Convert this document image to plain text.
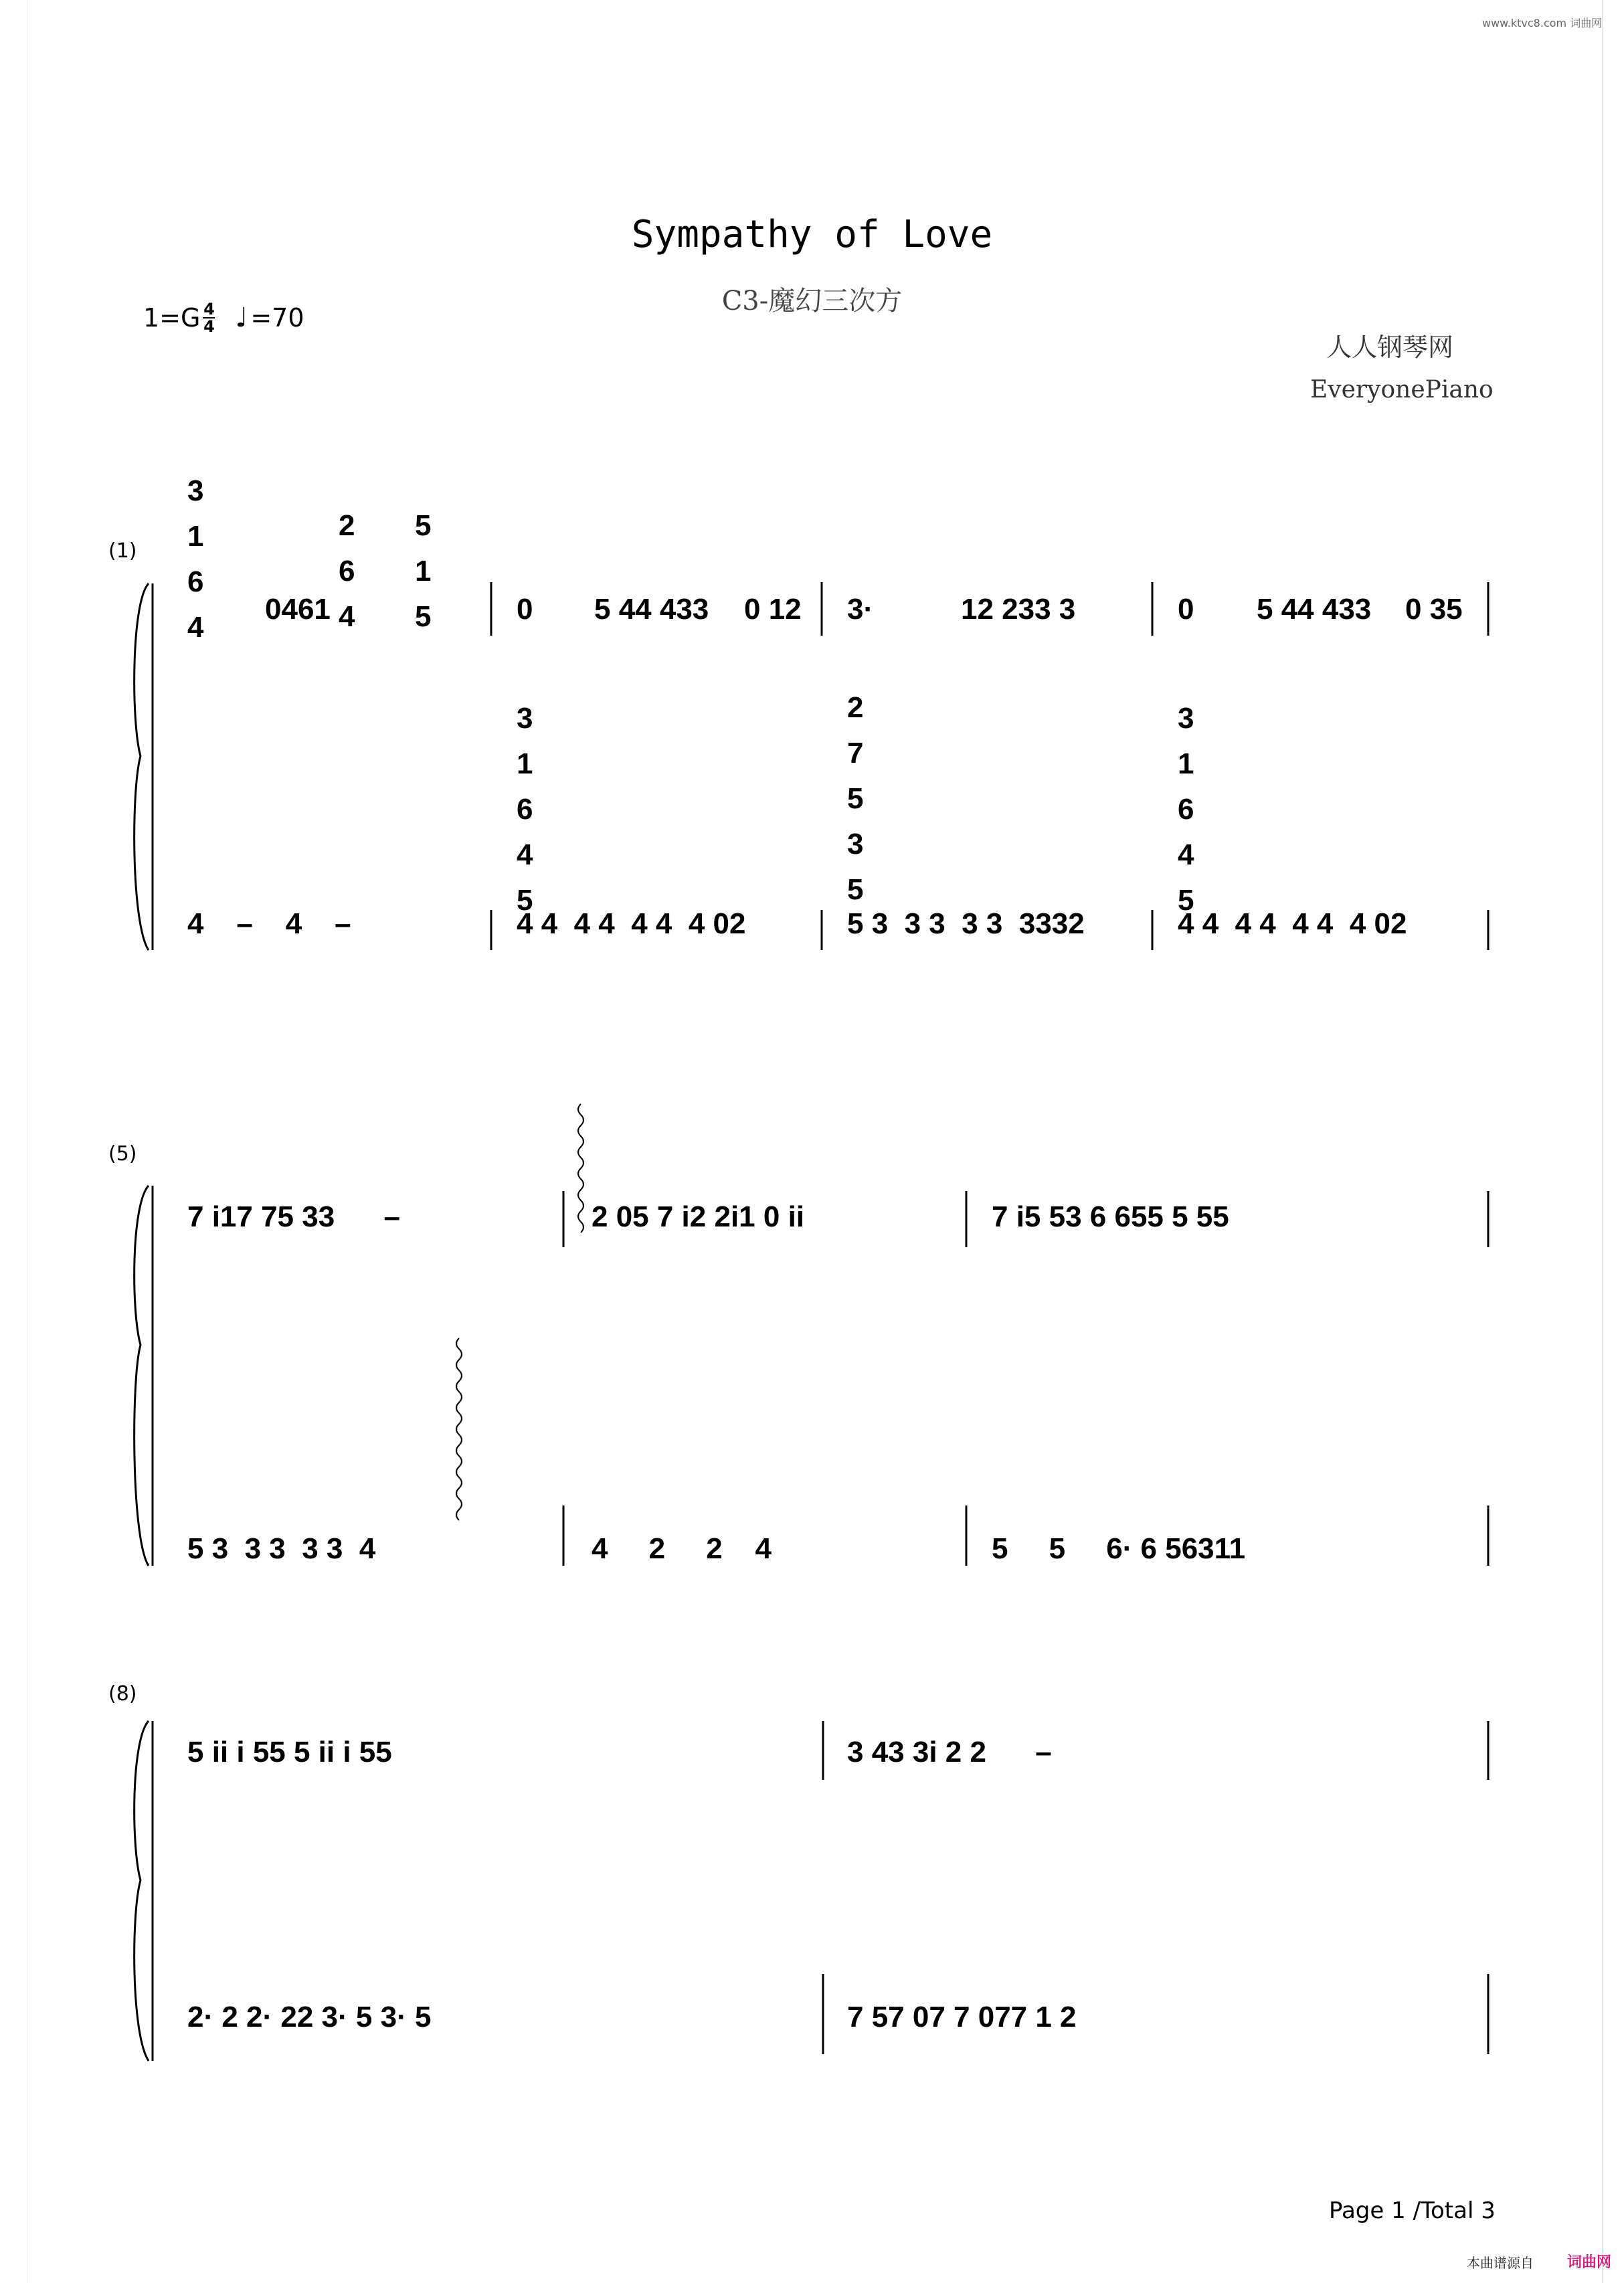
www.ktvc8.com 词曲网
Sympathy of Love
C3-魔幻三次方
$1=G \frac{4}{4}$ ♩ =70
人人钢琴网
EveryonePiano
(1)
(5)
(8)
3
1
6
4
0461
2
6
4
5
1
5	0 5 44 433 0 12 3·	12 233 3	0 5 44 433 0 35
4    –    4    –
3
1
6
4
5
4 4  4 4  4 4  4 02
2
7
5
3
5
5 3  3 3  3 3  3332
3
1
6
4
5
4 4  4 4  4 4  4 02
7 i17 75 33      –	2 05 7 i2 2i1 0 ii	7 i5 53 6 655 5 55
5 3  3 3  3 3  4	4     2     2    4	5     5     6· 6 56311
5 ii i 55 5 ii i 55	3 43 3i 2 2      –
2· 2 2· 22 3· 5 3· 5	7 57 07 7 077 1 2
Page 1 /Total 3
本曲谱源自 词曲网
